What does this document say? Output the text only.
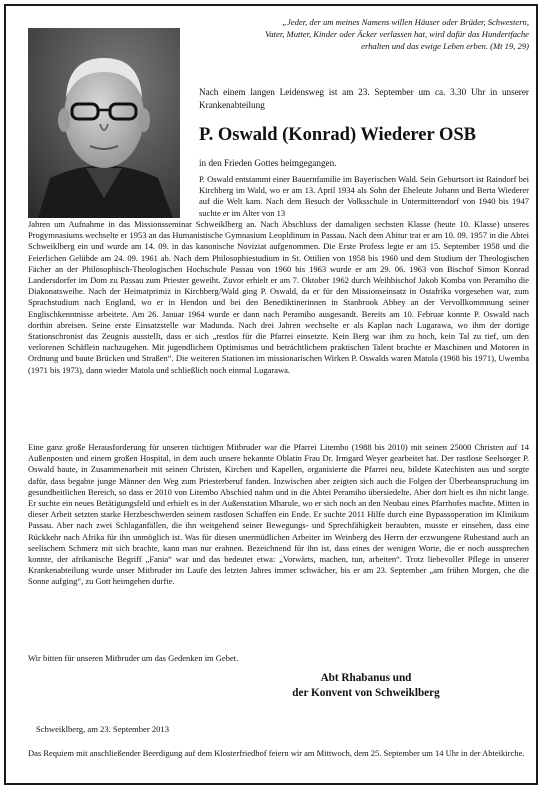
„Jeder, der um meines Namens willen Häuser oder Brüder, Schwestern,
Vater, Mutter, Kinder oder Äcker verlassen hat, wird dafür das Hundertfache
erhalten und das ewige Leben erben. (Mt 19, 29)
Nach einem langen Leidensweg ist am 23. September um ca. 3.30 Uhr in unserer Krankenabteilung
P. Oswald (Konrad) Wiederer OSB
in den Frieden Gottes heimgegangen.
P. Oswald entstammt einer Bauernfamilie im Bayerischen Wald. Sein Geburtsort ist Raindorf bei Kirchberg im Wald, wo er am 13. April 1934 als Sohn der Eheleute Johann und Berta Wiederer auf die Welt kam. Nach dem Besuch der Volksschule in Untermitterndorf von 1940 bis 1947 suchte er im Alter von 13
Jahren um Aufnahme in das Missionsseminar Schweiklberg an. Nach Abschluss der damaligen sechsten Klasse (heute 10. Klasse) unseres Progymnasiums wechselte er 1953 an das Humanistische Gymnasium Leopldinum in Passau. Nach dem Abitur trat er am 10. 09. 1957 in die Abtei Schweiklberg ein und wurde am 14. 09. in das kanonische Noviziat aufgenommen. Die Erste Profess legte er am 15. September 1958 und die Feierlichen Gelübde am 24. 09. 1961 ab. Nach dem Philosophiestudium in St. Ottilien von 1958 bis 1960 und dem Studium der Theologischen Fächer an der Philosophisch-Theologischen Hochschule Passau von 1960 bis 1963 wurde er am 29. 06. 1963 von Bischof Simon Konrad Landersdorfer im Dom zu Passau zum Priester geweiht. Zuvor erhielt er am 7. Oktober 1962 durch Weihbischof Jakob Komba von Peramiho die Diakonatsweihe. Nach der Heimatprimiz in Kirchberg/Wald ging P. Oswald, da er für den Missionseinsatz in Ostafrika vorgesehen war, zum Sprachstudium nach England, wo er in Hendon und bei den Benediktinerinnen in Stanbrook Abbey an der Vervollkommnung seiner Englischkenntnisse arbeitete. Am 26. Januar 1964 wurde er dann nach Peramiho ausgesandt. Bereits am 10. Februar konnte P. Oswald nach dorthin abreisen. Seine erste Einsatzstelle war Madunda. Nach drei Jahren wechselte er als Kaplan nach Lugarawa, wo ihm der dortige Stationschronist das Zeugnis ausstellt, dass er sich „restlos für die Pfarrei einsetzte. Kein Berg war ihm zu hoch, kein Tal zu tief, um den verlorenen Schäflein nachzugehen. Mit jugendlichem Optimismus und beträchtlichem praktischen Talent brachte er Maschinen und Motoren in Ordnung und baute Brücken und Straßen“. Die weiteren Stationen im missionarischen Wirken P. Oswalds waren Matola (1968 bis 1971), Uwemba (1971 bis 1973), dann wieder Matola und schließlich noch einmal Lugarawa.
Eine ganz große Herausforderung für unseren tüchtigen Mitbruder war die Pfarrei Litembo (1988 bis 2010) mit seinen 25000 Christen auf 14 Außenposten und einem großen Hospital, in dem auch unsere bekannte Oblatin Frau Dr. Irmgard Weyer gearbeitet hat. Der rastlose Seelsorger P. Oswald baute, in Zusammenarbeit mit seinen Christen, Kirchen und Kapellen, organisierte die Pfarrei neu, bildete Katechisten aus und sorgte dafür, dass begabte junge Männer den Weg zum Priesterberuf fanden. Inzwischen aber zeigten sich auch die Folgen der Überbeanspruchung im gesundheitlichen Bereich, so dass er 2010 von Litembo Abschied nahm und in die Abtei Peramiho übersiedelte. Aber dort hielt es ihn nicht lange. Er suchte ein neues Betätigungsfeld und erhielt es in der Außenstation Mharule, wo er sich noch an den Neubau eines Pfarrhofes machte. Mitten in dieser Arbeit setzten starke Herzbeschwerden seinem rastlosen Schaffen ein Ende. Er suchte 2011 Hilfe durch eine Bypassoperation im Klinikum Passau. Aber nach zwei Schlaganfällen, die ihn weitgehend seiner Bewegungs- und Sprechfähigkeit beraubten, musste er einsehen, dass eine Rückkehr nach Afrika für ihn unmöglich ist. Was für diesen unermüdlichen Arbeiter im Weinberg des Herrn der erzwungene Ruhestand auch an seelischem Schmerz mit sich brachte, kann man nur erahnen. Bezeichnend für ihn ist, dass eines der wenigen Worte, die er noch aussprechen konnte, der afrikanische Begriff „Fania“ war und das bedeutet etwa: „Vorwärts, machen, tun, arbeiten“. Trotz liebevoller Pflege in unserer Krankenabteilung wurde unser Mitbruder im Laufe des letzten Jahres immer schwächer, bis er am 23. September „am frühen Morgen, che die Sonne aufging“, zu Gott heimgehen durfte.
Wir bitten für unseren Mitbruder um das Gedenken im Gebet.
Abt Rhabanus und
der Konvent von Schweiklberg
Schweiklberg, am 23. September 2013
Das Requiem mit anschließender Beerdigung auf dem Klosterfriedhof feiern wir am Mittwoch, dem 25. September um 14 Uhr in der Abteikirche.
